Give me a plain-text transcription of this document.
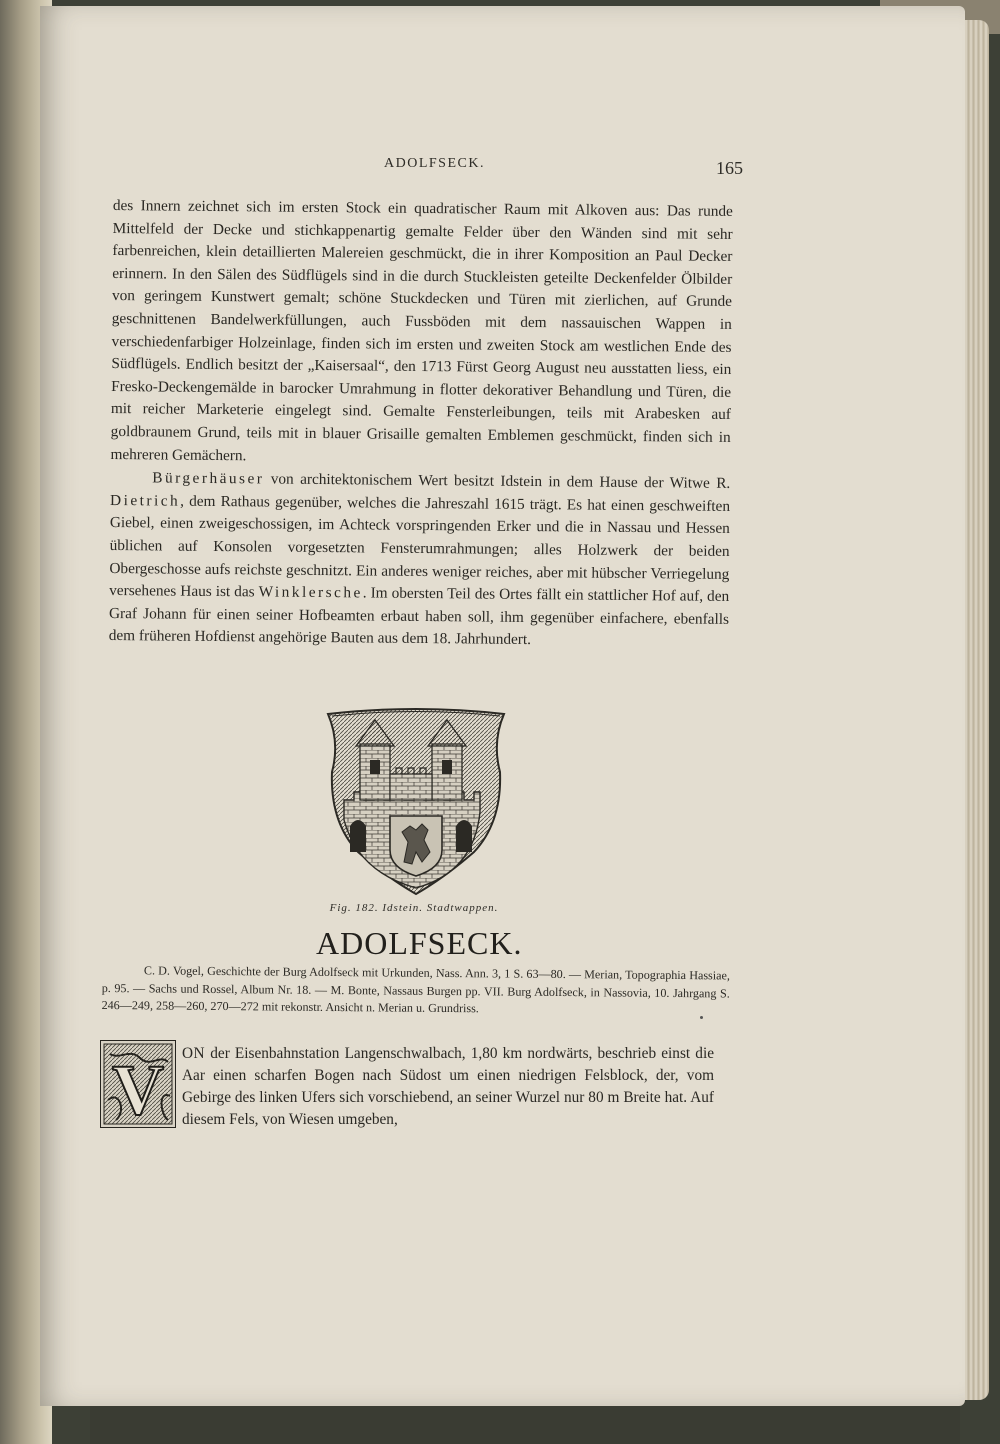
ADOLFSECK.	165

des Innern zeichnet sich im ersten Stock ein quadratischer Raum mit Alkoven aus: Das runde Mittelfeld der Decke und stichkappenartig gemalte Felder über den Wänden sind mit sehr farbenreichen, klein detaillierten Malereien geschmückt, die in ihrer Komposition an Paul Decker erinnern. In den Sälen des Südflügels sind in die durch Stuckleisten geteilte Deckenfelder Ölbilder von geringem Kunstwert gemalt; schöne Stuckdecken und Türen mit zierlichen, auf Grunde geschnittenen Bandelwerkfüllungen, auch Fussböden mit dem nassauischen Wappen in verschiedenfarbiger Holzeinlage, finden sich im ersten und zweiten Stock am westlichen Ende des Südflügels. Endlich besitzt der „Kaisersaal“, den 1713 Fürst Georg August neu ausstatten liess, ein Fresko-Deckengemälde in barocker Umrahmung in flotter dekorativer Behandlung und Türen, die mit reicher Marketerie eingelegt sind. Gemalte Fensterleibungen, teils mit Arabesken auf goldbraunem Grund, teils mit in blauer Grisaille gemalten Emblemen geschmückt, finden sich in mehreren Gemächern.

Bürgerhäuser von architektonischem Wert besitzt Idstein in dem Hause der Witwe R. Dietrich, dem Rathaus gegenüber, welches die Jahreszahl 1615 trägt. Es hat einen geschweiften Giebel, einen zweigeschossigen, im Achteck vorspringenden Erker und die in Nassau und Hessen üblichen auf Konsolen vorgesetzten Fensterumrahmungen; alles Holzwerk der beiden Obergeschosse aufs reichste geschnitzt. Ein anderes weniger reiches, aber mit hübscher Verriegelung versehenes Haus ist das Winklersche. Im obersten Teil des Ortes fällt ein stattlicher Hof auf, den Graf Johann für einen seiner Hofbeamten erbaut haben soll, ihm gegenüber einfachere, ebenfalls dem früheren Hofdienst angehörige Bauten aus dem 18. Jahrhundert.

Fig. 182. Idstein. Stadtwappen.
ADOLFSECK.

C. D. Vogel, Geschichte der Burg Adolfseck mit Urkunden, Nass. Ann. 3, 1 S. 63—80. — Merian, Topographia Hassiae, p. 95. — Sachs und Rossel, Album Nr. 18. — M. Bonte, Nassaus Burgen pp. VII. Burg Adolfseck, in Nassovia, 10. Jahrgang S. 246—249, 258—260, 270—272 mit rekonstr. Ansicht n. Merian u. Grundriss.

V ON der Eisenbahnstation Langenschwalbach, 1,80 km nordwärts, beschrieb einst die Aar einen scharfen Bogen nach Südost um einen niedrigen Felsblock, der, vom Gebirge des linken Ufers sich vorschiebend, an seiner Wurzel nur 80 m Breite hat. Auf diesem Fels, von Wiesen umgeben,
